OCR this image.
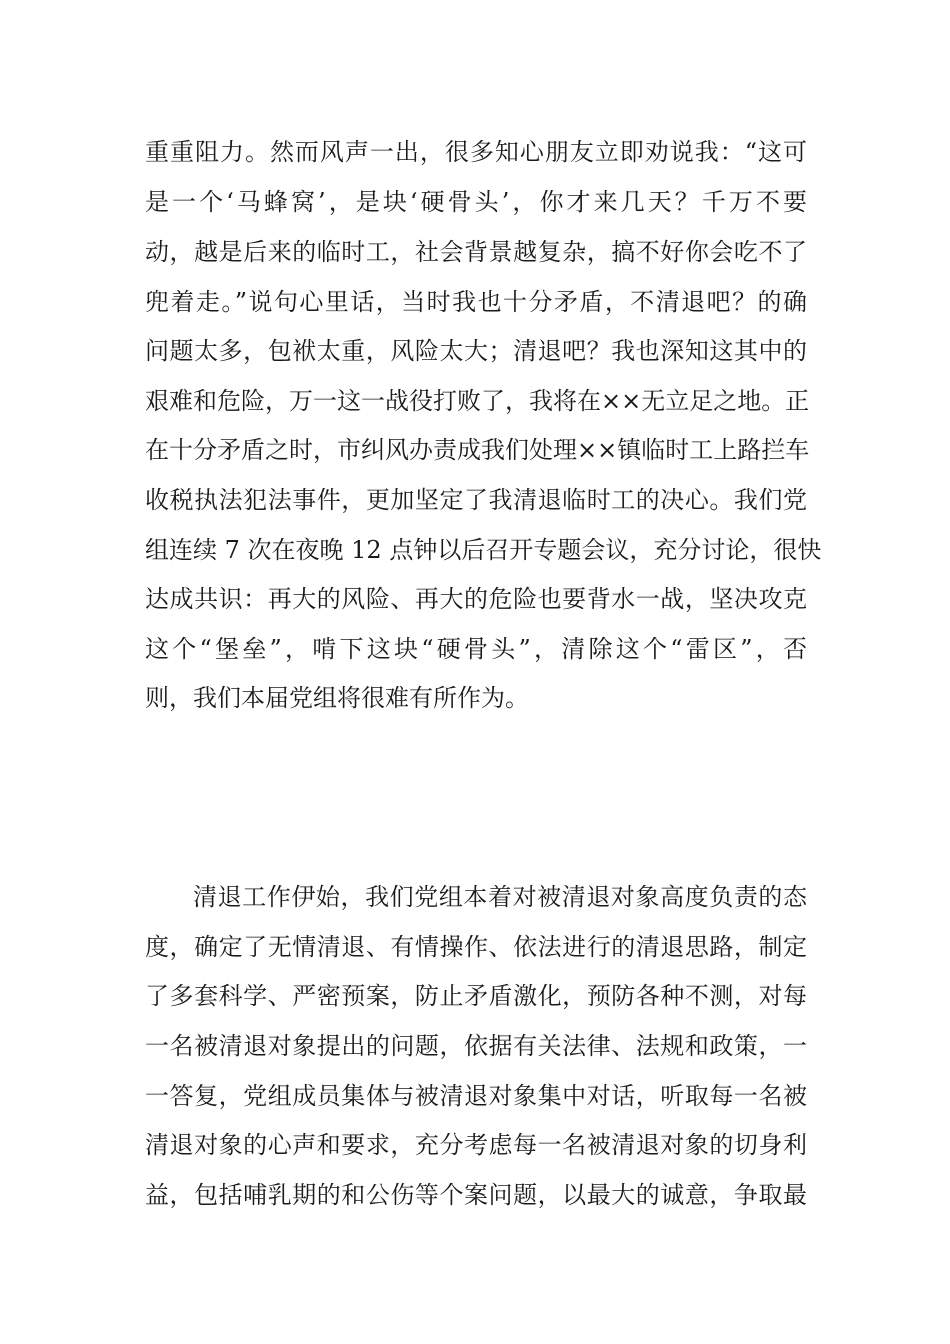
重重阻力。然而风声一出，很多知心朋友立即劝说我：“这可
是一个‘马蜂窝’，是块‘硬骨头’，你才来几天？千万不要
动，越是后来的临时工，社会背景越复杂，搞不好你会吃不了
兜着走。”说句心里话，当时我也十分矛盾，不清退吧？的确
问题太多，包袱太重，风险太大；清退吧？我也深知这其中的
艰难和危险，万一这一战役打败了，我将在××无立足之地。正
在十分矛盾之时，市纠风办责成我们处理××镇临时工上路拦车
收税执法犯法事件，更加坚定了我清退临时工的决心。我们党
组连续 7 次在夜晚 12 点钟以后召开专题会议，充分讨论，很快
达成共识：再大的风险、再大的危险也要背水一战，坚决攻克
这个“堡垒”，啃下这块“硬骨头”，清除这个“雷区”，否
则，我们本届党组将很难有所作为。
清退工作伊始，我们党组本着对被清退对象高度负责的态
度，确定了无情清退、有情操作、依法进行的清退思路，制定
了多套科学、严密预案，防止矛盾激化，预防各种不测，对每
一名被清退对象提出的问题，依据有关法律、法规和政策，一
一答复，党组成员集体与被清退对象集中对话，听取每一名被
清退对象的心声和要求，充分考虑每一名被清退对象的切身利
益，包括哺乳期的和公伤等个案问题，以最大的诚意，争取最
